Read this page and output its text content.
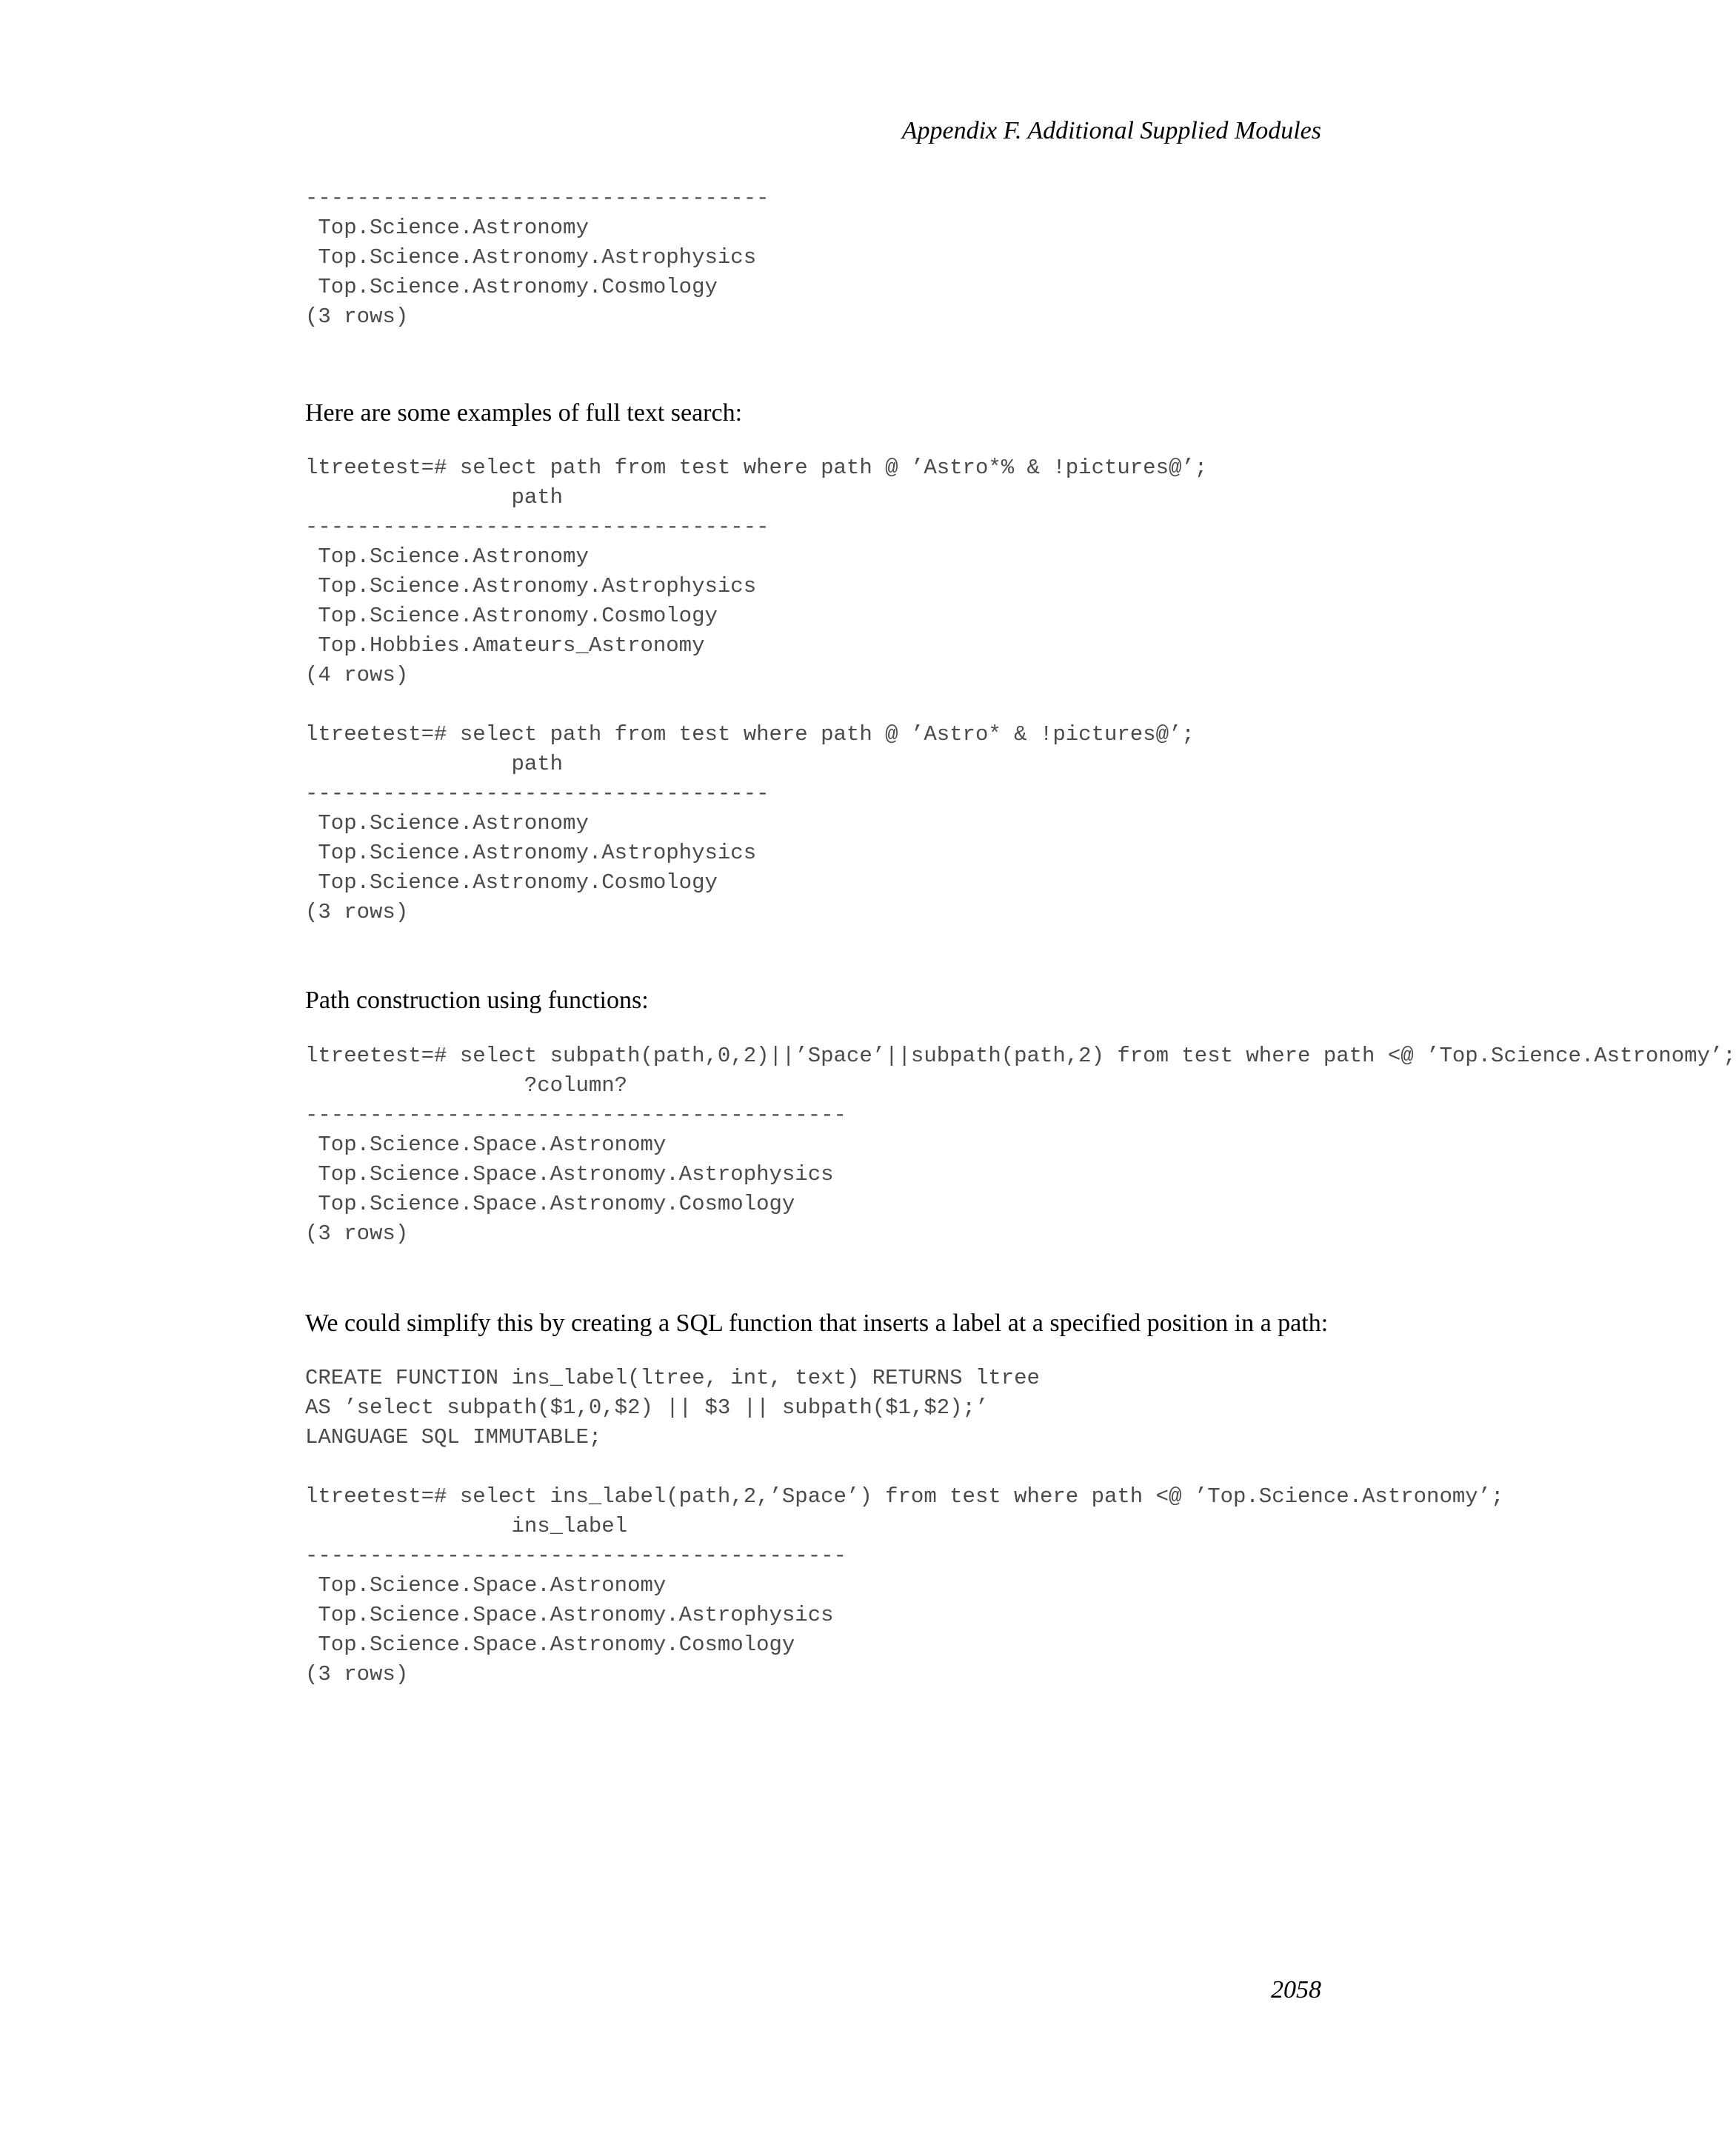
Appendix F. Additional Supplied Modules
------------------------------------
Top.Science.Astronomy
Top.Science.Astronomy.Astrophysics
Top.Science.Astronomy.Cosmology
(3 rows)

Here are some examples of full text search:

ltreetest=# select path from test where path @ ’Astro*% & !pictures@’;
path
------------------------------------
Top.Science.Astronomy
Top.Science.Astronomy.Astrophysics
Top.Science.Astronomy.Cosmology
Top.Hobbies.Amateurs_Astronomy
(4 rows)
ltreetest=# select path from test where path @ ’Astro* & !pictures@’;
path
------------------------------------
Top.Science.Astronomy
Top.Science.Astronomy.Astrophysics
Top.Science.Astronomy.Cosmology
(3 rows)

Path construction using functions:

ltreetest=# select subpath(path,0,2)||’Space’||subpath(path,2) from test where path <@ ’Top.Science.Astronomy’;
?column?
------------------------------------------
Top.Science.Space.Astronomy
Top.Science.Space.Astronomy.Astrophysics
Top.Science.Space.Astronomy.Cosmology
(3 rows)

We could simplify this by creating a SQL function that inserts a label at a specified position in a path:

CREATE FUNCTION ins_label(ltree, int, text) RETURNS ltree
AS ’select subpath($1,0,$2) || $3 || subpath($1,$2);’
LANGUAGE SQL IMMUTABLE;
ltreetest=# select ins_label(path,2,’Space’) from test where path <@ ’Top.Science.Astronomy’;
ins_label
------------------------------------------
Top.Science.Space.Astronomy
Top.Science.Space.Astronomy.Astrophysics
Top.Science.Space.Astronomy.Cosmology
(3 rows)
2058
